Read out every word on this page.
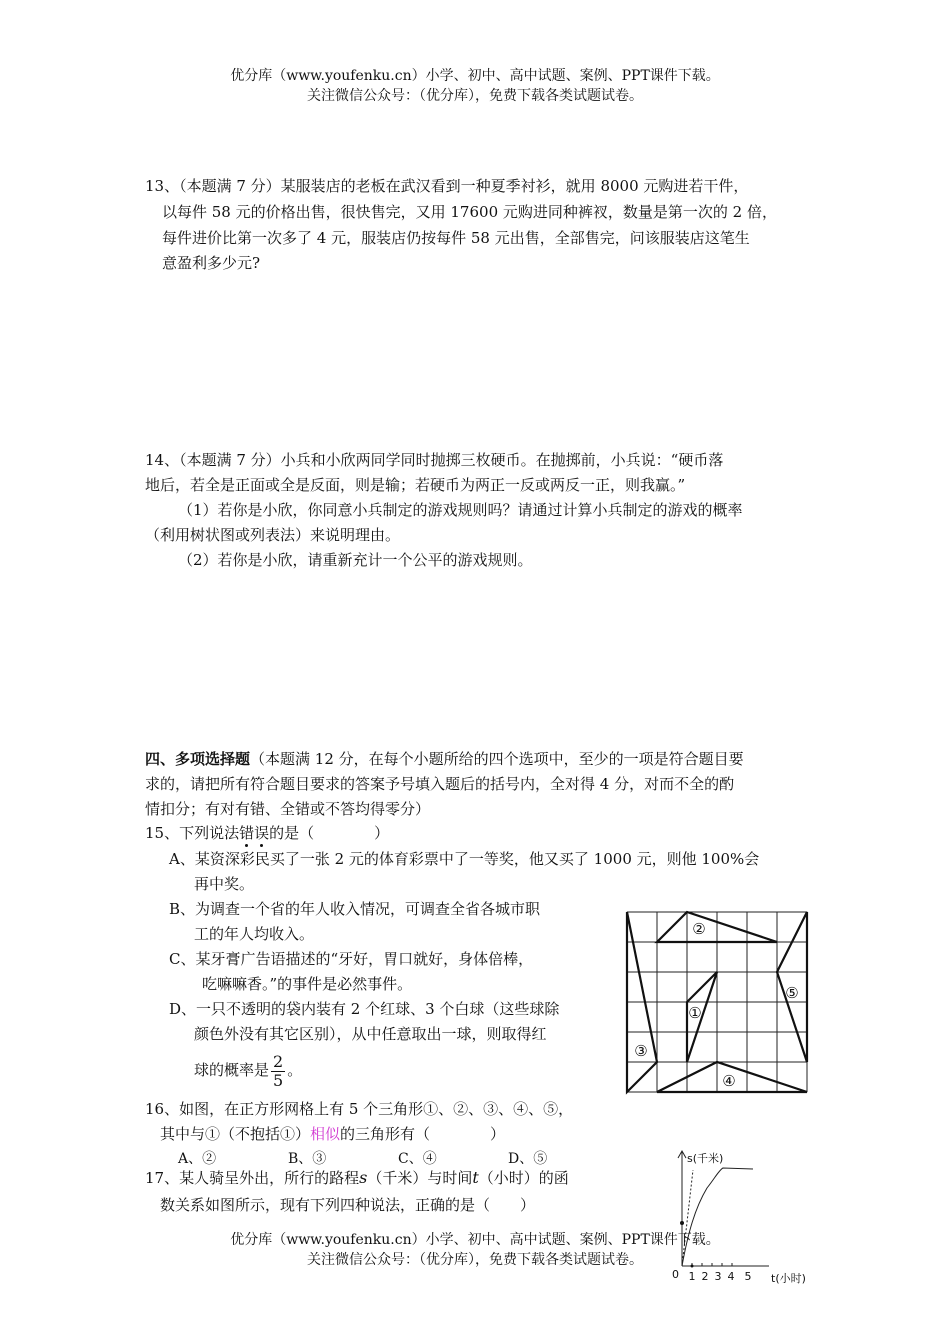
优分库（www.youfenku.cn）小学、初中、高中试题、案例、PPT课件下载。
关注微信公众号：（优分库），免费下载各类试题试卷。
13、（本题满 7 分）某服装店的老板在武汉看到一种夏季衬衫，就用 8000 元购进若干件，
以每件 58 元的价格出售，很快售完，又用 17600 元购进同种裤衩，数量是第一次的 2 倍，
每件进价比第一次多了 4 元，服装店仍按每件 58 元出售，全部售完，问该服装店这笔生
意盈利多少元?
14、（本题满 7 分）小兵和小欣两同学同时抛掷三枚硬币。在抛掷前，小兵说：“硬币落
地后，若全是正面或全是反面，则是输；若硬币为两正一反或两反一正，则我赢。”
（1）若你是小欣，你同意小兵制定的游戏规则吗？请通过计算小兵制定的游戏的概率
（利用树状图或列表法）来说明理由。
（2）若你是小欣，请重新充计一个公平的游戏规则。
四、多项选择题（本题满 12 分，在每个小题所给的四个选项中，至少的一项是符合题目要
求的，请把所有符合题目要求的答案予号填入题后的括号内，全对得 4 分，对而不全的酌
情扣分；有对有错、全错或不答均得零分）
15、下列说法错误的是（　　　　）
A、某资深彩民买了一张 2 元的体育彩票中了一等奖，他又买了 1000 元，则他 100%会
再中奖。
B、为调查一个省的年人收入情况，可调查全省各城市职
工的年人均收入。
C、某牙膏广告语描述的“牙好，胃口就好，身体倍棒，
吃嘛嘛香。”的事件是必然事件。
D、一只不透明的袋内装有 2 个红球、3 个白球（这些球除
颜色外没有其它区别），从中任意取出一球，则取得红
球的概率是 $\frac{2}{5}$ 。
②
①
⑤
③
④
16、如图，在正方形网格上有 5 个三角形①、②、③、④、⑤，
其中与①（不抱括①）相似的三角形有（　　　　）
A、②	B、③	C、④	D、⑤
17、某人骑呈外出，所行的路程s（千米）与时间t（小时）的函
数关系如图所示，现有下列四种说法，正确的是（　　）
s(千米)
0 1 2 3 4 5 t(小时)
优分库（www.youfenku.cn）小学、初中、高中试题、案例、PPT课件下载。
关注微信公众号：（优分库），免费下载各类试题试卷。
